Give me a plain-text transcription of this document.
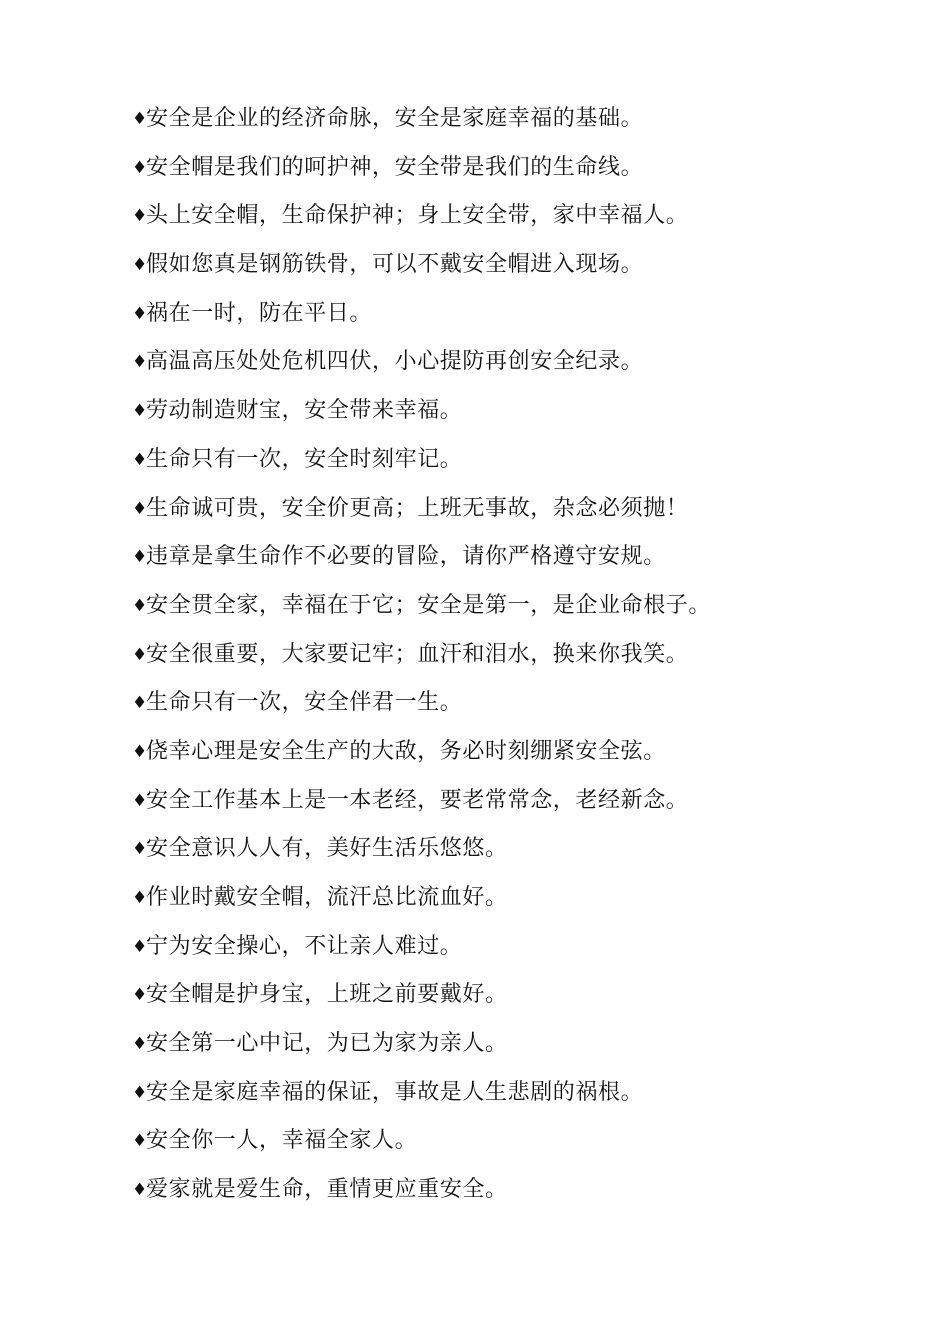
♦
安全是企业的经济命脉，安全是家庭幸福的基础。
♦
安全帽是我们的呵护神，安全带是我们的生命线。
♦
头上安全帽，生命保护神；身上安全带，家中幸福人。
♦
假如您真是钢筋铁骨，可以不戴安全帽进入现场。
♦
祸在一时，防在平日。
♦
高温高压处处危机四伏，小心提防再创安全纪录。
♦
劳动制造财宝，安全带来幸福。
♦
生命只有一次，安全时刻牢记。
♦
生命诚可贵，安全价更高；上班无事故，杂念必须抛！
♦
违章是拿生命作不必要的冒险，请你严格遵守安规。
♦
安全贯全家，幸福在于它；安全是第一，是企业命根子。
♦
安全很重要，大家要记牢；血汗和泪水，换来你我笑。
♦
生命只有一次，安全伴君一生。
♦
侥幸心理是安全生产的大敌，务必时刻绷紧安全弦。
♦
安全工作基本上是一本老经，要老常常念，老经新念。
♦
安全意识人人有，美好生活乐悠悠。
♦
作业时戴安全帽，流汗总比流血好。
♦
宁为安全操心，不让亲人难过。
♦
安全帽是护身宝，上班之前要戴好。
♦
安全第一心中记，为已为家为亲人。
♦
安全是家庭幸福的保证，事故是人生悲剧的祸根。
♦
安全你一人，幸福全家人。
♦
爱家就是爱生命，重情更应重安全。
